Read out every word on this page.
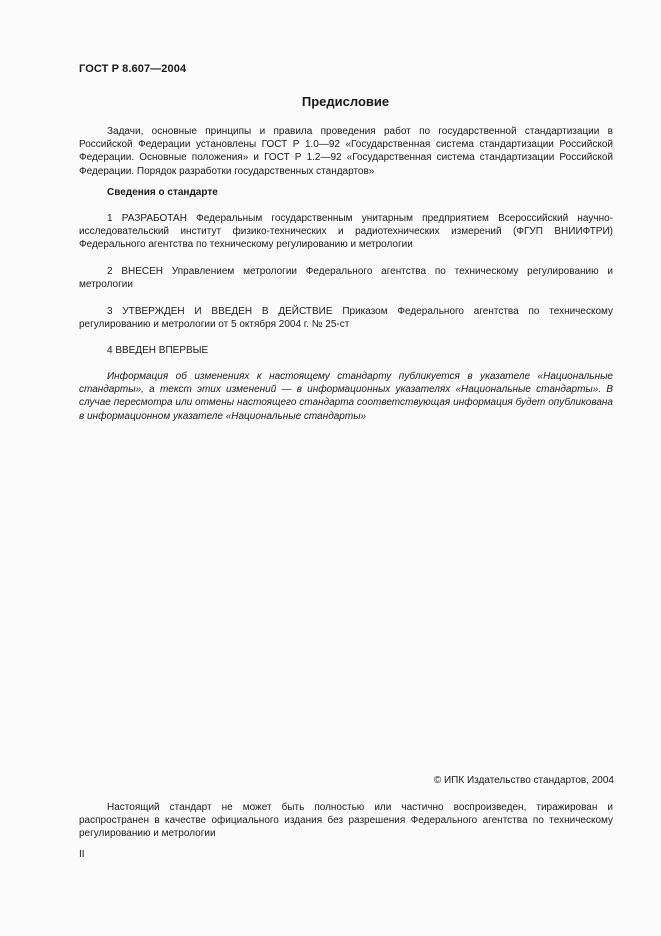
ГОСТ Р 8.607—2004
Предисловие

Задачи, основные принципы и правила проведения работ по государственной стандартизации в Российской Федерации установлены ГОСТ Р 1.0—92 «Государственная система стандартизации Российской Федерации. Основные положения» и ГОСТ Р 1.2—92 «Государственная система стандартизации Российской Федерации. Порядок разработки государственных стандартов»

Сведения о стандарте

1 РАЗРАБОТАН Федеральным государственным унитарным предприятием Всероссийский научно-исследовательский институт физико-технических и радиотехнических измерений (ФГУП ВНИИФТРИ) Федерального агентства по техническому регулированию и метрологии

2 ВНЕСЕН Управлением метрологии Федерального агентства по техническому регулированию и метрологии

3 УТВЕРЖДЕН И ВВЕДЕН В ДЕЙСТВИЕ Приказом Федерального агентства по техническому регулированию и метрологии от 5 октября 2004 г. № 25-ст

4 ВВЕДЕН ВПЕРВЫЕ

Информация об изменениях к настоящему стандарту публикуется в указателе «Национальные стандарты», а текст этих изменений — в информационных указателях «Национальные стандарты». В случае пересмотра или отмены настоящего стандарта соответствующая информация будет опубликована в информационном указателе «Национальные стандарты»

© ИПК Издательство стандартов, 2004

Настоящий стандарт не может быть полностью или частично воспроизведен, тиражирован и распространен в качестве официального издания без разрешения Федерального агентства по техническому регулированию и метрологии

II
